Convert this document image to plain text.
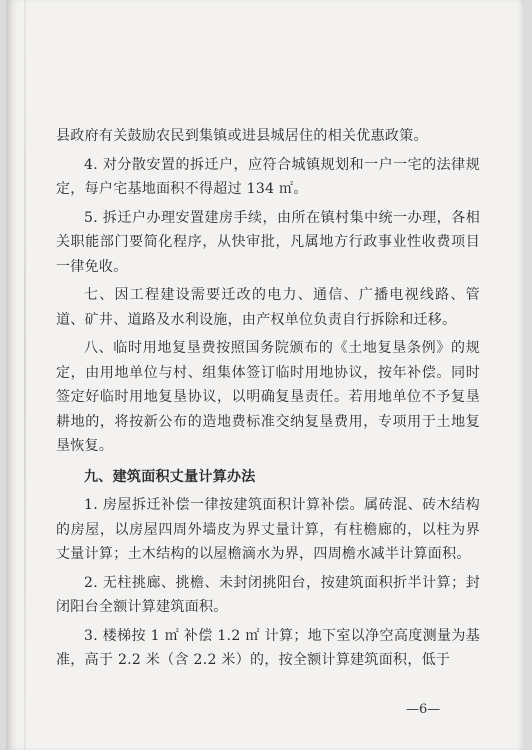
县政府有关鼓励农民到集镇或进县城居住的相关优惠政策。

4. 对分散安置的拆迁户，应符合城镇规划和一户一宅的法律规定，每户宅基地面积不得超过 134 ㎡。

5. 拆迁户办理安置建房手续，由所在镇村集中统一办理，各相关职能部门要简化程序，从快审批，凡属地方行政事业性收费项目一律免收。

七、因工程建设需要迁改的电力、通信、广播电视线路、管道、矿井、道路及水利设施，由产权单位负责自行拆除和迁移。

八、临时用地复垦费按照国务院颁布的《土地复垦条例》的规定，由用地单位与村、组集体签订临时用地协议，按年补偿。同时签定好临时用地复垦协议，以明确复垦责任。若用地单位不予复垦耕地的，将按新公布的造地费标准交纳复垦费用，专项用于土地复垦恢复。

九、建筑面积丈量计算办法

1. 房屋拆迁补偿一律按建筑面积计算补偿。属砖混、砖木结构的房屋，以房屋四周外墙皮为界丈量计算，有柱檐廊的，以柱为界丈量计算；土木结构的以屋檐滴水为界，四周檐水减半计算面积。

2. 无柱挑廊、挑檐、未封闭挑阳台，按建筑面积折半计算；封闭阳台全额计算建筑面积。

3. 楼梯按 1 ㎡ 补偿 1.2 ㎡ 计算；地下室以净空高度测量为基准，高于 2.2 米（含 2.2 米）的，按全额计算建筑面积，低于

—6—
